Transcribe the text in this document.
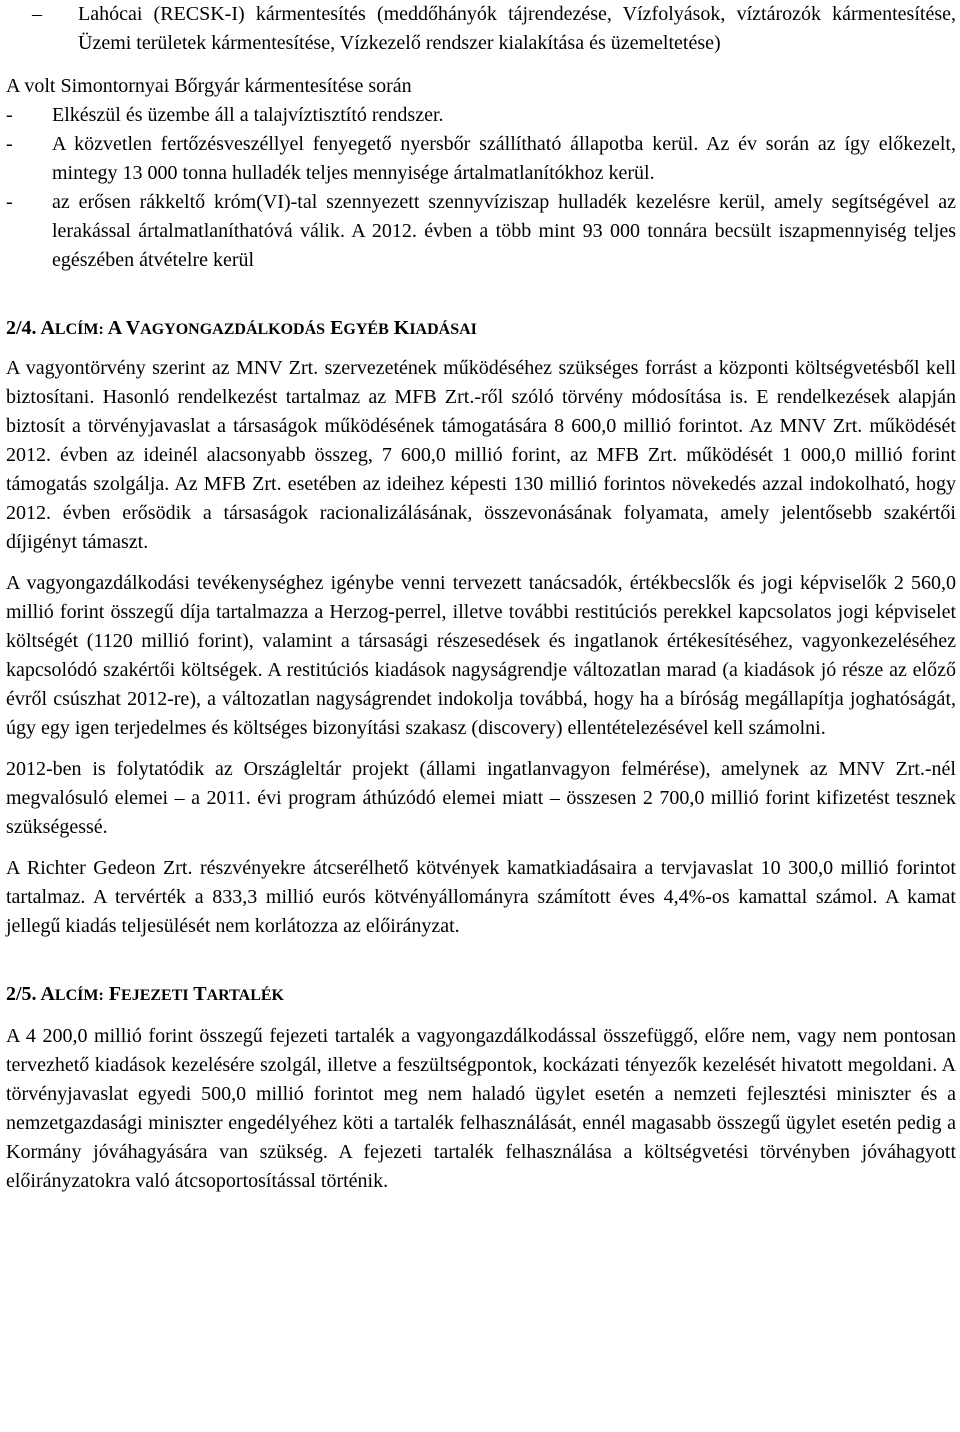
– Lahócai (RECSK-I) kármentesítés (meddőhányók tájrendezése, Vízfolyások, víztározók kármentesítése, Üzemi területek kármentesítése, Vízkezelő rendszer kialakítása és üzemeltetése)

A volt Simontornyai Bőrgyár kármentesítése során

- Elkészül és üzembe áll a talajvíztisztító rendszer.

- A közvetlen fertőzésveszéllyel fenyegető nyersbőr szállítható állapotba kerül. Az év során az így előkezelt, mintegy 13 000 tonna hulladék teljes mennyisége ártalmatlanítókhoz kerül.

- az erősen rákkeltő króm(VI)-tal szennyezett szennyvíziszap hulladék kezelésre kerül, amely segítségével az lerakással ártalmatlaníthatóvá válik. A 2012. évben a több mint 93 000 tonnára becsült iszapmennyiség teljes egészében átvételre kerül

2/4. ALCÍM: A VAGYONGAZDÁLKODÁS EGYÉB KIADÁSAI

A vagyontörvény szerint az MNV Zrt. szervezetének működéséhez szükséges forrást a központi költségvetésből kell biztosítani. Hasonló rendelkezést tartalmaz az MFB Zrt.-ről szóló törvény módosítása is. E rendelkezések alapján biztosít a törvényjavaslat a társaságok működésének támogatására 8 600,0 millió forintot. Az MNV Zrt. működését 2012. évben az ideinél alacsonyabb összeg, 7 600,0 millió forint, az MFB Zrt. működését 1 000,0 millió forint támogatás szolgálja. Az MFB Zrt. esetében az ideihez képesti 130 millió forintos növekedés azzal indokolható, hogy 2012. évben erősödik a társaságok racionalizálásának, összevonásának folyamata, amely jelentősebb szakértői díjigényt támaszt.

A vagyongazdálkodási tevékenységhez igénybe venni tervezett tanácsadók, értékbecslők és jogi képviselők 2 560,0 millió forint összegű díja tartalmazza a Herzog-perrel, illetve további restitúciós perekkel kapcsolatos jogi képviselet költségét (1120 millió forint), valamint a társasági részesedések és ingatlanok értékesítéséhez, vagyonkezeléséhez kapcsolódó szakértői költségek. A restitúciós kiadások nagyságrendje változatlan marad (a kiadások jó része az előző évről csúszhat 2012-re), a változatlan nagyságrendet indokolja továbbá, hogy ha a bíróság megállapítja joghatóságát, úgy egy igen terjedelmes és költséges bizonyítási szakasz (discovery) ellentételezésével kell számolni.

2012-ben is folytatódik az Országleltár projekt (állami ingatlanvagyon felmérése), amelynek az MNV Zrt.-nél megvalósuló elemei – a 2011. évi program áthúzódó elemei miatt – összesen 2 700,0 millió forint kifizetést tesznek szükségessé.

A Richter Gedeon Zrt. részvényekre átcserélhető kötvények kamatkiadásaira a tervjavaslat 10 300,0 millió forintot tartalmaz. A tervérték a 833,3 millió eurós kötvényállományra számított éves 4,4%-os kamattal számol. A kamat jellegű kiadás teljesülését nem korlátozza az előirányzat.

2/5. ALCÍM: FEJEZETI TARTALÉK

A 4 200,0 millió forint összegű fejezeti tartalék a vagyongazdálkodással összefüggő, előre nem, vagy nem pontosan tervezhető kiadások kezelésére szolgál, illetve a feszültségpontok, kockázati tényezők kezelését hivatott megoldani. A törvényjavaslat egyedi 500,0 millió forintot meg nem haladó ügylet esetén a nemzeti fejlesztési miniszter és a nemzetgazdasági miniszter engedélyéhez köti a tartalék felhasználását, ennél magasabb összegű ügylet esetén pedig a Kormány jóváhagyására van szükség. A fejezeti tartalék felhasználása a költségvetési törvényben jóváhagyott előirányzatokra való átcsoportosítással történik.
